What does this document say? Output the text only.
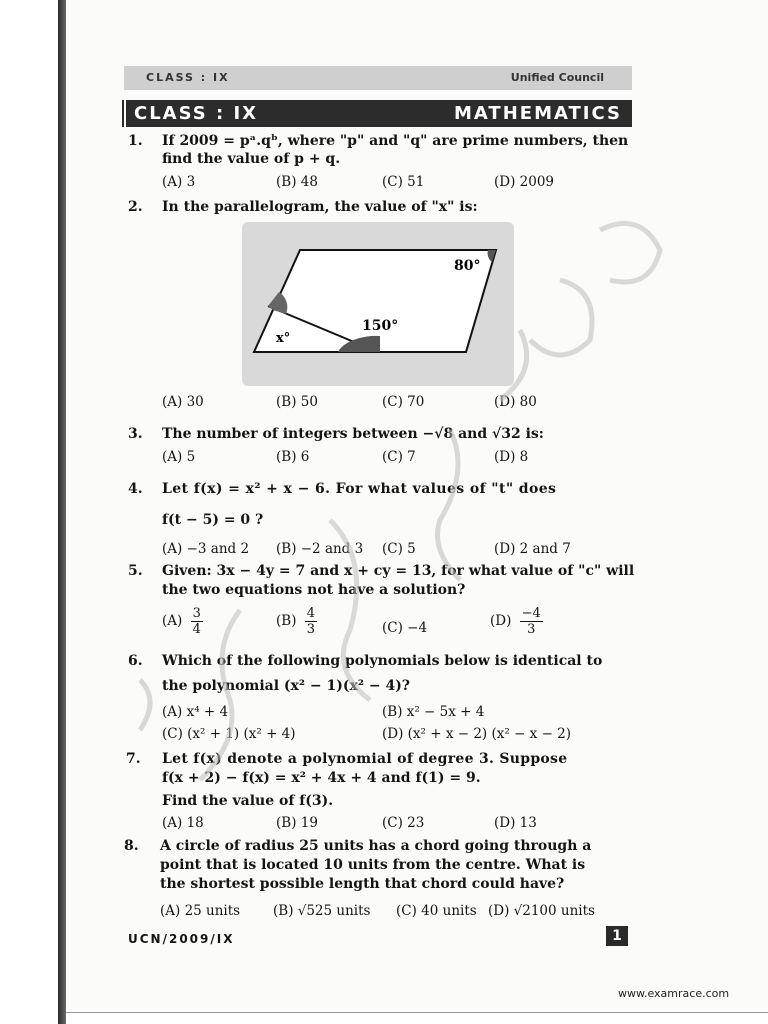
CLASS : IX	Unified Council
CLASS : IX	MATHEMATICS
1. If 2009 = pᵃ.qᵇ, where "p" and "q" are prime numbers, then
find the value of p + q.
(A) 3	(B) 48	(C) 51	(D) 2009
2. In the parallelogram, the value of "x" is:
80°
150°
x°
(A) 30	(B) 50	(C) 70	(D) 80
3. The number of integers between −√8 and √32 is:
(A) 5	(B) 6	(C) 7	(D) 8
4. Let f(x) = x² + x − 6. For what values of "t" does
f(t − 5) = 0 ?
(A) −3 and 2 (B) −2 and 3 (C) 5	(D) 2 and 7
5. Given: 3x − 4y = 7 and x + cy = 13, for what value of "c" will
the two equations not have a solution?
$(A) \frac{3}{4}$	$(B) \frac{4}{3}$	(C) −4	$(D) \frac{-4}{3}$
6. Which of the following polynomials below is identical to
the polynomial (x² − 1)(x² − 4)?
(A) x⁴ + 4	(B) x² − 5x + 4
(C) (x² + 1) (x² + 4)	(D) (x² + x − 2) (x² − x − 2)
7. Let f(x) denote a polynomial of degree 3. Suppose
f(x + 2) − f(x) = x² + 4x + 4 and f(1) = 9.
Find the value of f(3).
(A) 18	(B) 19	(C) 23	(D) 13
8. A circle of radius 25 units has a chord going through a
point that is located 10 units from the centre. What is
the shortest possible length that chord could have?
(A) 25 units (B) √525 units (C) 40 units (D) √2100 units
UCN/2009/IX	1
www.examrace.com
